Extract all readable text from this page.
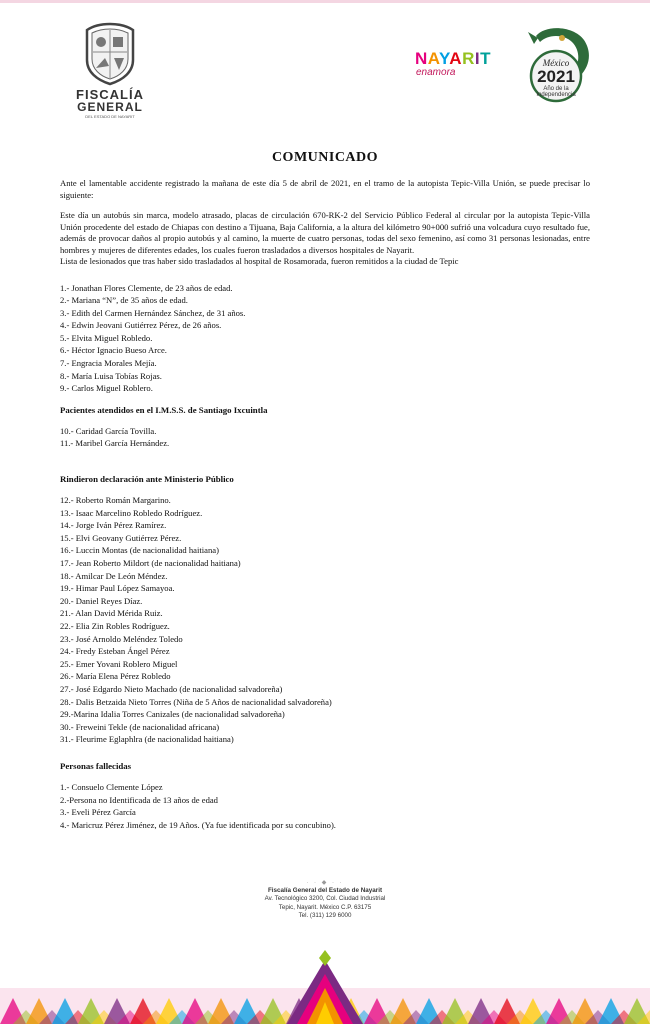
FISCALÍA
GENERAL
DEL ESTADO DE NAYARIT
NAYARIT
enamora
México
2021
Año de la
Independencia
COMUNICADO

Ante el lamentable accidente registrado la mañana de este día 5 de abril de 2021, en el tramo de la autopista Tepic-Villa Unión, se puede precisar lo siguiente:

Este día un autobús sin marca, modelo atrasado, placas de circulación 670-RK-2 del Servicio Público Federal al circular por la autopista Tepic-Villa Unión procedente del estado de Chiapas con destino a Tijuana, Baja California, a la altura del kilómetro 90+000 sufrió una volcadura cuyo resultado fue, además de provocar daños al propio autobús y al camino, la muerte de cuatro personas, todas del sexo femenino, así como 31 personas lesionadas, entre hombres y mujeres de diferentes edades, los cuales fueron trasladados a diversos hospitales de Nayarit.

Lista de lesionados que tras haber sido trasladados al hospital de Rosamorada, fueron remitidos a la ciudad de Tepic

1.- Jonathan Flores Clemente, de 23 años de edad.
2.- Mariana “N”, de 35 años de edad.
3.- Edith del Carmen Hernández Sánchez, de 31 años.
4.- Edwin Jeovani Gutiérrez Pérez, de 26 años.
5.- Elvita Miguel Robledo.
6.- Héctor Ignacio Bueso Arce.
7.- Engracia Morales Mejía.
8.- María Luisa Tobías Rojas.
9.- Carlos Miguel Roblero.

Pacientes atendidos en el I.M.S.S. de Santiago Ixcuintla

10.- Caridad García Tovilla.
11.- Maribel García Hernández.

Rindieron declaración ante Ministerio Público

12.- Roberto Román Margarino.
13.- Isaac Marcelino Robledo Rodríguez.
14.- Jorge Iván Pérez Ramírez.
15.- Elvi Geovany Gutiérrez Pérez.
16.- Luccin Montas (de nacionalidad haitiana)
17.- Jean Roberto Mildort (de nacionalidad haitiana)
18.- Amilcar De León Méndez.
19.- Himar Paul López Samayoa.
20.- Daniel Reyes Díaz.
21.- Alan David Mérida Ruiz.
22.- Elia Zin Robles Rodríguez.
23.- José Arnoldo Meléndez Toledo
24.- Fredy Esteban Ángel Pérez
25.- Emer Yovani Roblero Miguel
26.- María Elena Pérez Robledo
27.- José Edgardo Nieto Machado (de nacionalidad salvadoreña)
28.- Dalis Betzaida Nieto Torres (Niña de 5 Años de nacionalidad salvadoreña)
29.-Marina Idalia Torres Canizales (de nacionalidad salvadoreña)
30.- Freweini Tekle (de nacionalidad africana)
31.- Fleurime Eglaphlra (de nacionalidad haitiana)

Personas fallecidas

1.- Consuelo Clemente López
2.-Persona no Identificada de 13 años de edad
3.- Eveli Pérez García
4.- Maricruz Pérez Jiménez, de 19 Años. (Ya fue identificada por su concubino).
· · ◆ · ·
Fiscalía General del Estado de Nayarit
Av. Tecnológico 3200, Col. Ciudad Industrial
Tepic, Nayarit. México C.P. 63175
Tel. (311) 129 6000
